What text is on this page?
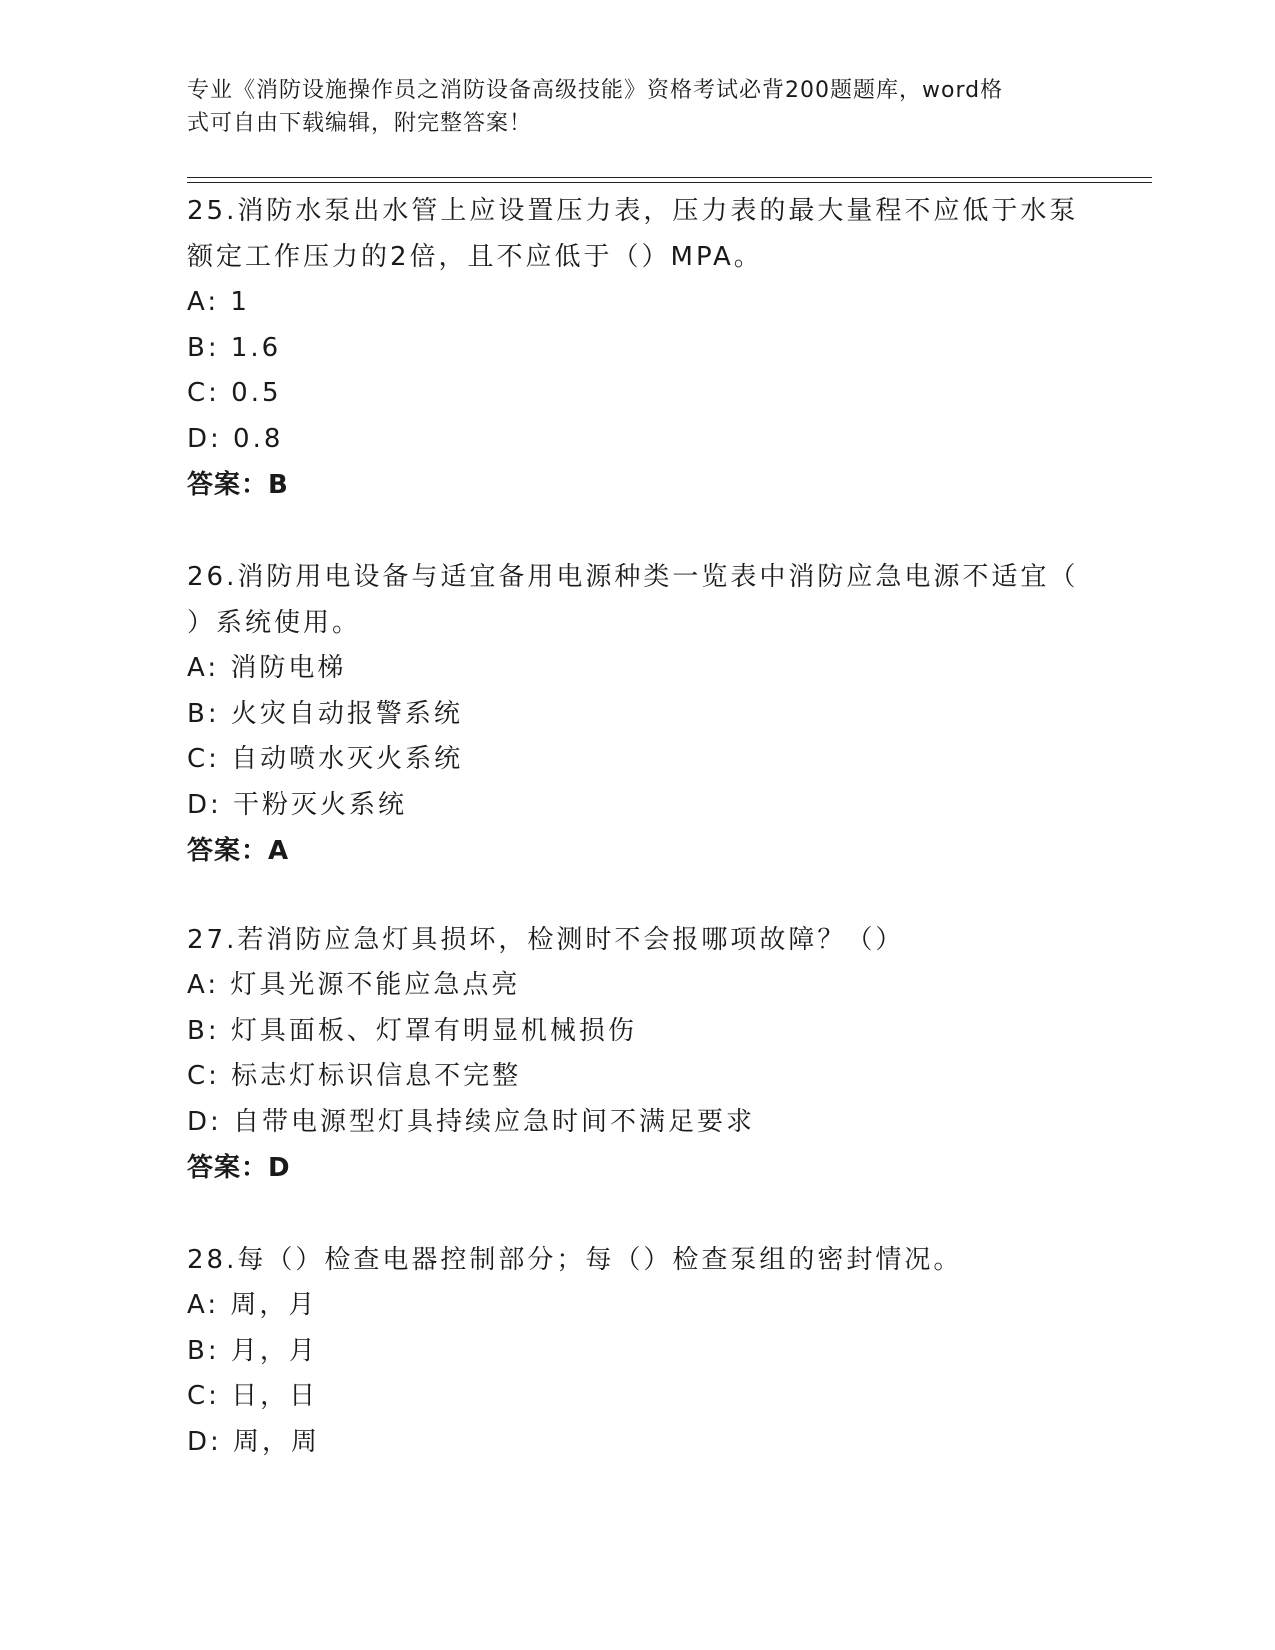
专业《消防设施操作员之消防设备高级技能》资格考试必背200题题库，word格
式可自由下载编辑，附完整答案！
25.消防水泵出水管上应设置压力表，压力表的最大量程不应低于水泵
额定工作压力的2倍，且不应低于（）MPA。
A: 1
B: 1.6
C: 0.5
D: 0.8
答案：B
26.消防用电设备与适宜备用电源种类一览表中消防应急电源不适宜（
）系统使用。
A: 消防电梯
B: 火灾自动报警系统
C: 自动喷水灭火系统
D: 干粉灭火系统
答案：A
27.若消防应急灯具损坏，检测时不会报哪项故障？（）
A: 灯具光源不能应急点亮
B: 灯具面板、灯罩有明显机械损伤
C: 标志灯标识信息不完整
D: 自带电源型灯具持续应急时间不满足要求
答案：D
28.每（）检查电器控制部分；每（）检查泵组的密封情况。
A: 周，月
B: 月，月
C: 日，日
D: 周，周
